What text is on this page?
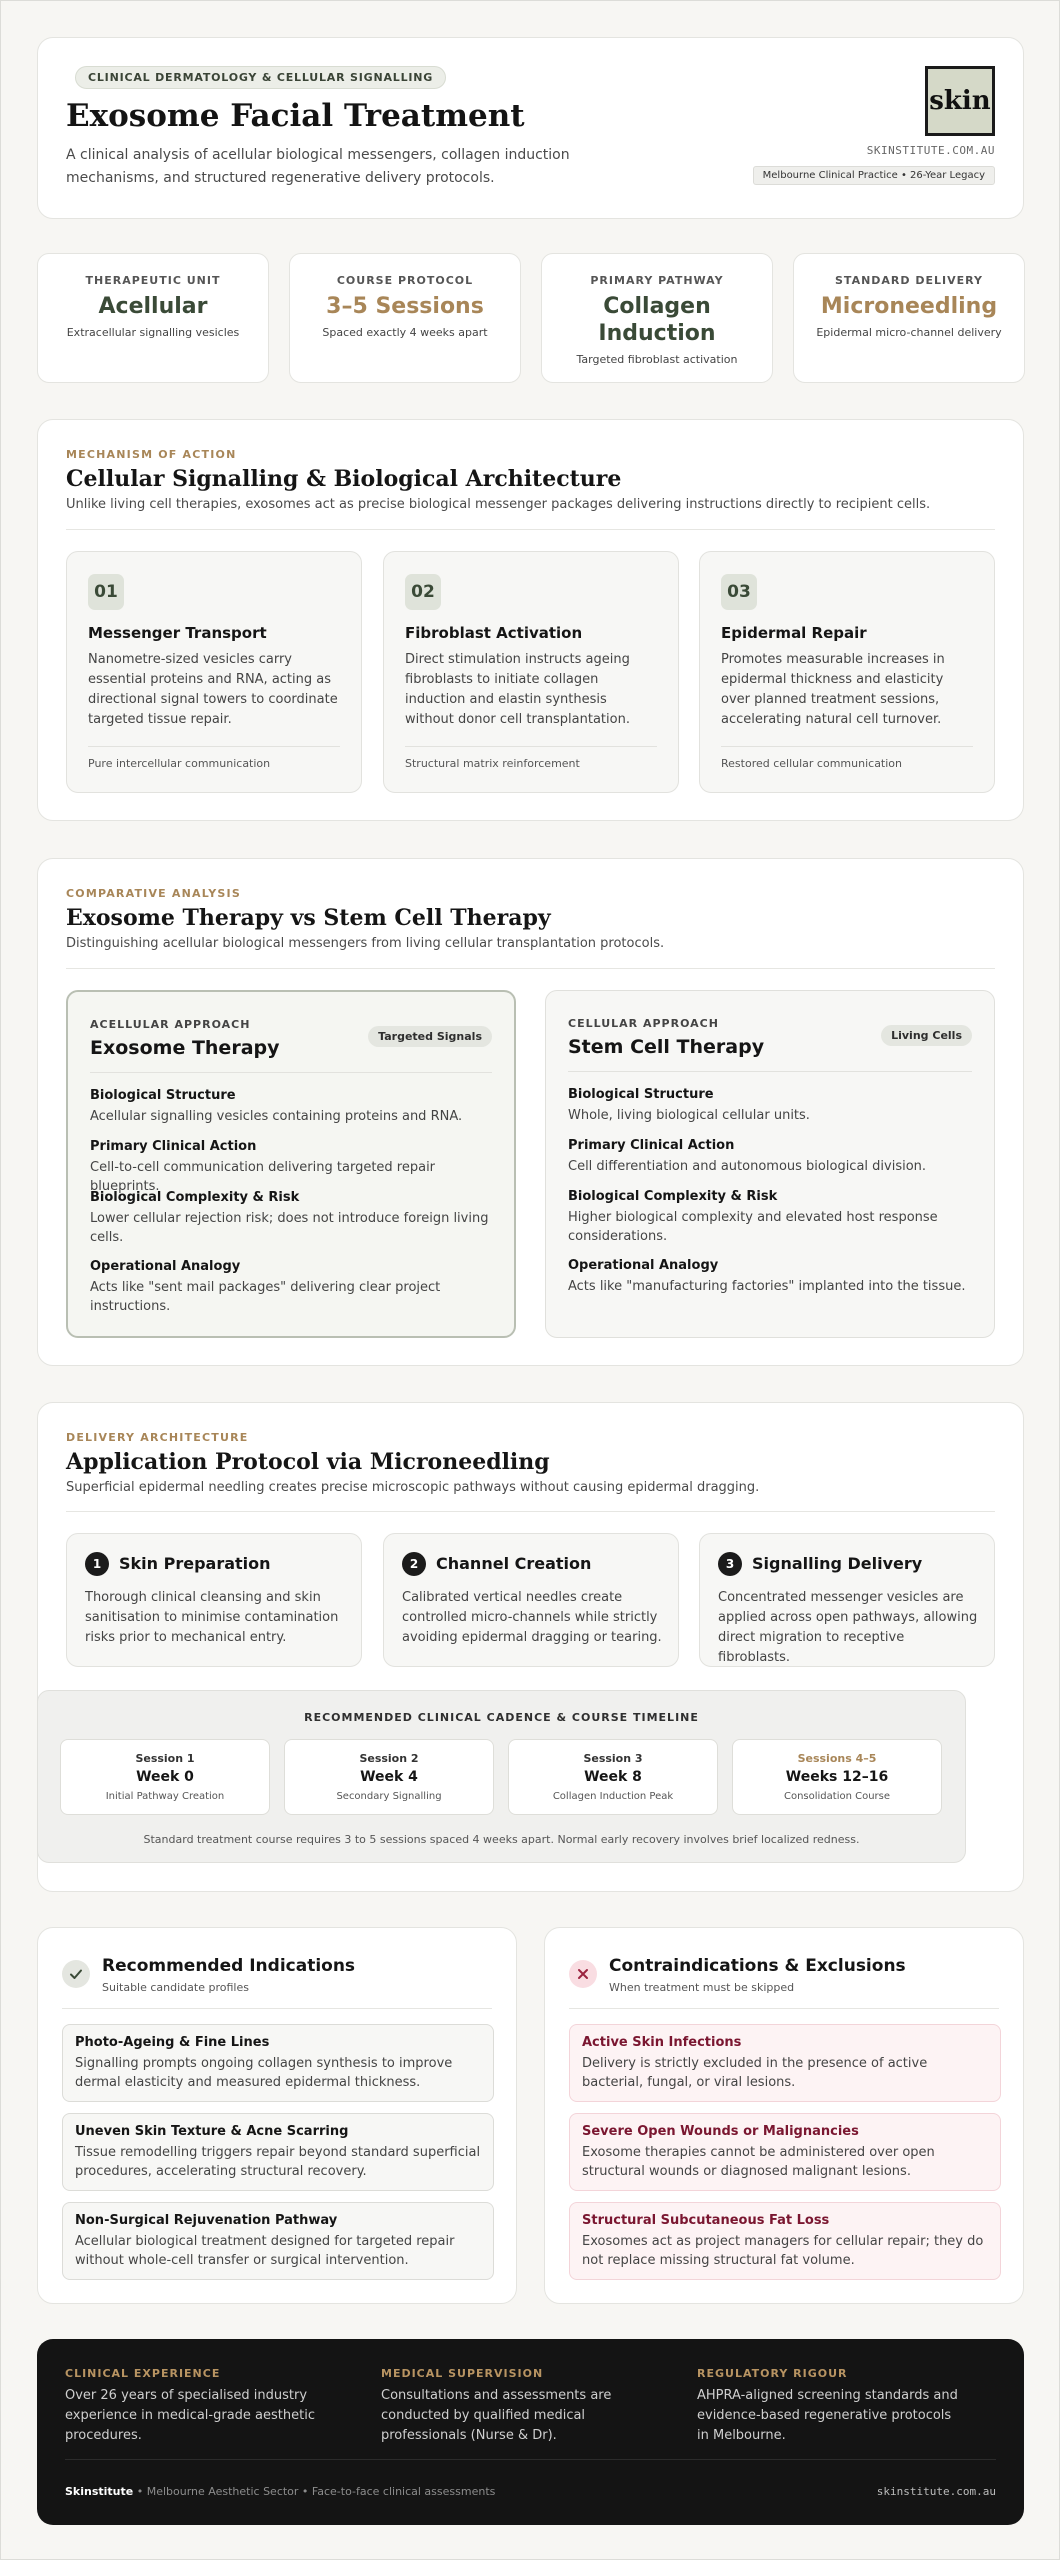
CLINICAL DERMATOLOGY & CELLULAR SIGNALLING
Exosome Facial Treatment
A clinical analysis of acellular biological messengers, collagen induction mechanisms, and structured regenerative delivery protocols.
skin
SKINSTITUTE.COM.AU
Melbourne Clinical Practice • 26-Year Legacy
THERAPEUTIC UNIT
Acellular
Extracellular signalling vesicles
COURSE PROTOCOL
3–5 Sessions
Spaced exactly 4 weeks apart
PRIMARY PATHWAY
Collagen Induction
Targeted fibroblast activation
STANDARD DELIVERY
Microneedling
Epidermal micro-channel delivery
MECHANISM OF ACTION
Cellular Signalling & Biological Architecture
Unlike living cell therapies, exosomes act as precise biological messenger packages delivering instructions directly to recipient cells.
01
Messenger Transport
Nanometre-sized vesicles carry essential proteins and RNA, acting as directional signal towers to coordinate targeted tissue repair.
Pure intercellular communication
02
Fibroblast Activation
Direct stimulation instructs ageing fibroblasts to initiate collagen induction and elastin synthesis without donor cell transplantation.
Structural matrix reinforcement
03
Epidermal Repair
Promotes measurable increases in epidermal thickness and elasticity over planned treatment sessions, accelerating natural cell turnover.
Restored cellular communication
COMPARATIVE ANALYSIS
Exosome Therapy vs Stem Cell Therapy
Distinguishing acellular biological messengers from living cellular transplantation protocols.
ACELLULAR APPROACH
Exosome Therapy
Targeted Signals
Biological Structure
Acellular signalling vesicles containing proteins and RNA.
Primary Clinical Action
Cell-to-cell communication delivering targeted repair blueprints.
Biological Complexity & Risk
Lower cellular rejection risk; does not introduce foreign living cells.
Operational Analogy
Acts like "sent mail packages" delivering clear project instructions.
CELLULAR APPROACH
Stem Cell Therapy
Living Cells
Biological Structure
Whole, living biological cellular units.
Primary Clinical Action
Cell differentiation and autonomous biological division.
Biological Complexity & Risk
Higher biological complexity and elevated host response considerations.
Operational Analogy
Acts like "manufacturing factories" implanted into the tissue.
DELIVERY ARCHITECTURE
Application Protocol via Microneedling
Superficial epidermal needling creates precise microscopic pathways without causing epidermal dragging.
1	Skin Preparation
Thorough clinical cleansing and skin sanitisation to minimise contamination risks prior to mechanical entry.
2	Channel Creation
Calibrated vertical needles create controlled micro-channels while strictly avoiding epidermal dragging or tearing.
3	Signalling Delivery
Concentrated messenger vesicles are applied across open pathways, allowing direct migration to receptive fibroblasts.
RECOMMENDED CLINICAL CADENCE & COURSE TIMELINE
Session 1
Week 0
Initial Pathway Creation
Session 2
Week 4
Secondary Signalling
Session 3
Week 8
Collagen Induction Peak
Sessions 4–5
Weeks 12–16
Consolidation Course
Standard treatment course requires 3 to 5 sessions spaced 4 weeks apart. Normal early recovery involves brief localized redness.
Recommended Indications
Suitable candidate profiles
Photo-Ageing & Fine Lines
Signalling prompts ongoing collagen synthesis to improve dermal elasticity and measured epidermal thickness.
Uneven Skin Texture & Acne Scarring
Tissue remodelling triggers repair beyond standard superficial procedures, accelerating structural recovery.
Non-Surgical Rejuvenation Pathway
Acellular biological treatment designed for targeted repair without whole-cell transfer or surgical intervention.
Contraindications & Exclusions
When treatment must be skipped
Active Skin Infections
Delivery is strictly excluded in the presence of active bacterial, fungal, or viral lesions.
Severe Open Wounds or Malignancies
Exosome therapies cannot be administered over open structural wounds or diagnosed malignant lesions.
Structural Subcutaneous Fat Loss
Exosomes act as project managers for cellular repair; they do not replace missing structural fat volume.
CLINICAL EXPERIENCE
Over 26 years of specialised industry experience in medical-grade aesthetic procedures.
MEDICAL SUPERVISION
Consultations and assessments are conducted by qualified medical professionals (Nurse & Dr).
REGULATORY RIGOUR
AHPRA-aligned screening standards and evidence-based regenerative protocols in Melbourne.
Skinstitute • Melbourne Aesthetic Sector • Face-to-face clinical assessments	skinstitute.com.au
